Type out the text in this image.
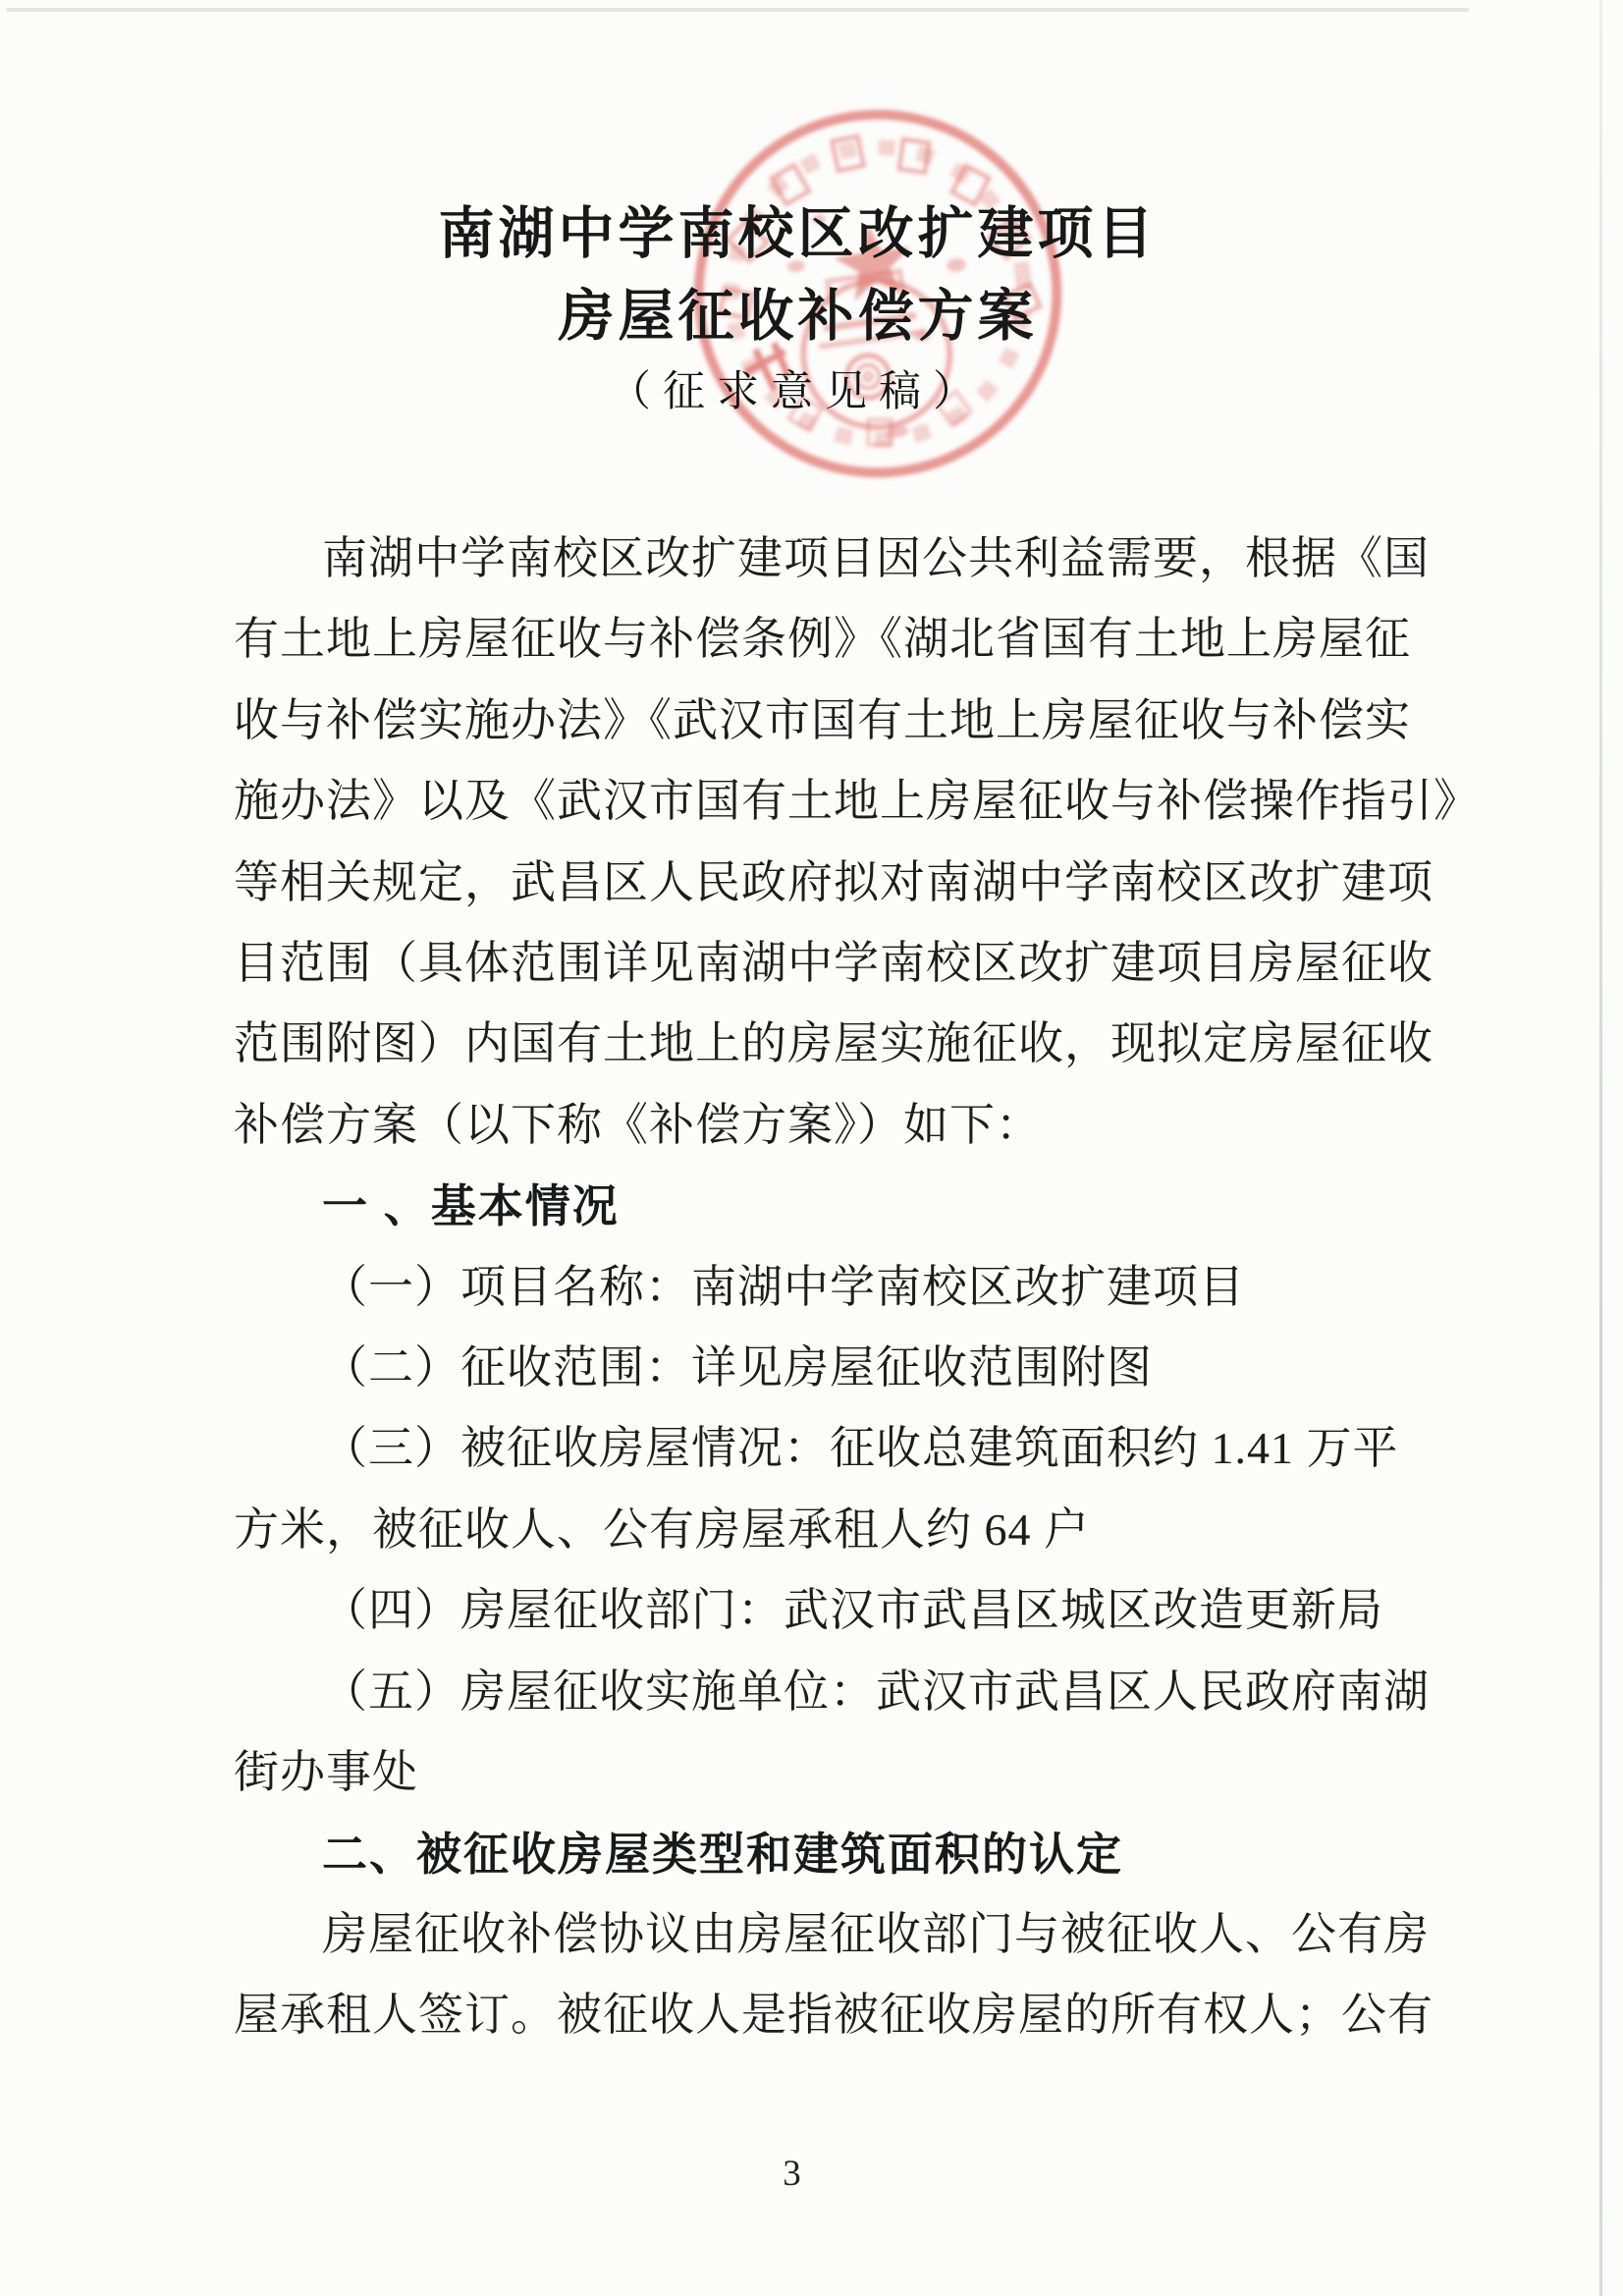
南湖中学南校区改扩建项目
房屋征收补偿方案
（征求意见稿）
南湖中学南校区改扩建项目因公共利益需要，根据《国
有土地上房屋征收与补偿条例》《湖北省国有土地上房屋征
收与补偿实施办法》《武汉市国有土地上房屋征收与补偿实
施办法》以及《武汉市国有土地上房屋征收与补偿操作指引》
等相关规定，武昌区人民政府拟对南湖中学南校区改扩建项
目范围（具体范围详见南湖中学南校区改扩建项目房屋征收
范围附图）内国有土地上的房屋实施征收，现拟定房屋征收
补偿方案（以下称《补偿方案》）如下：
一 、基本情况
（一）项目名称：南湖中学南校区改扩建项目
（二）征收范围：详见房屋征收范围附图
（三）被征收房屋情况：征收总建筑面积约 1.41 万平
方米，被征收人、公有房屋承租人约 64 户
（四）房屋征收部门：武汉市武昌区城区改造更新局
（五）房屋征收实施单位：武汉市武昌区人民政府南湖
街办事处
二、被征收房屋类型和建筑面积的认定
房屋征收补偿协议由房屋征收部门与被征收人、公有房
屋承租人签订。被征收人是指被征收房屋的所有权人；公有
3
